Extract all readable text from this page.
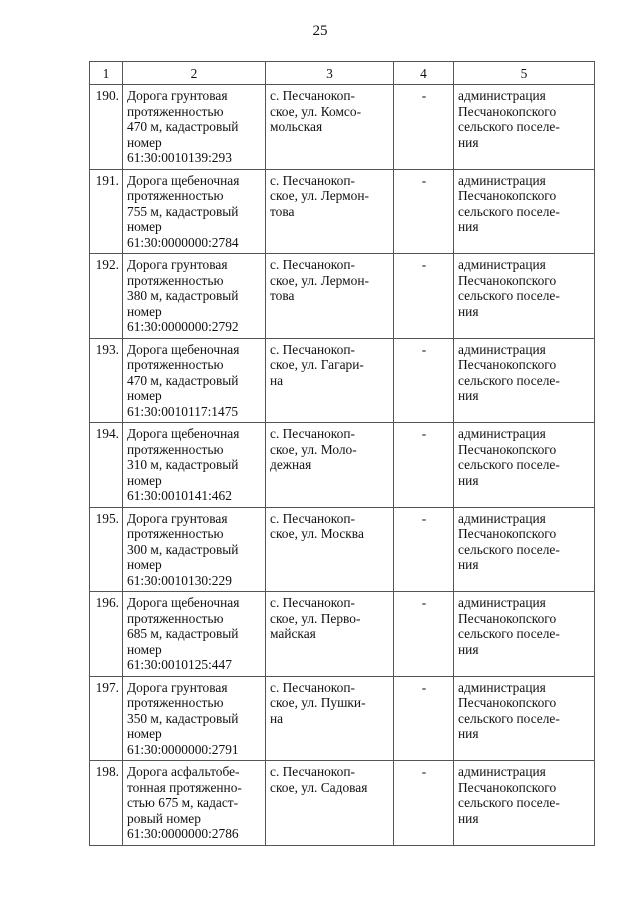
25
1	2	3	4	5
190.	Дорога грунтовая
протяженностью
470 м, кадастровый
номер
61:30:0010139:293	с. Песчанокоп-
ское, ул. Комсо-
мольская	-	администрация
Песчанокопского
сельского поселе-
ния

191.	Дорога щебеночная
протяженностью
755 м, кадастровый
номер
61:30:0000000:2784	с. Песчанокоп-
ское, ул. Лермон-
това	-	администрация
Песчанокопского
сельского поселе-
ния

192.	Дорога грунтовая
протяженностью
380 м, кадастровый
номер
61:30:0000000:2792	с. Песчанокоп-
ское, ул. Лермон-
това	-	администрация
Песчанокопского
сельского поселе-
ния

193.	Дорога щебеночная
протяженностью
470 м, кадастровый
номер
61:30:0010117:1475	с. Песчанокоп-
ское, ул. Гагари-
на	-	администрация
Песчанокопского
сельского поселе-
ния

194.	Дорога щебеночная
протяженностью
310 м, кадастровый
номер
61:30:0010141:462	с. Песчанокоп-
ское, ул. Моло-
дежная	-	администрация
Песчанокопского
сельского поселе-
ния

195.	Дорога грунтовая
протяженностью
300 м, кадастровый
номер
61:30:0010130:229	с. Песчанокоп-
ское, ул. Москва	-	администрация
Песчанокопского
сельского поселе-
ния

196.	Дорога щебеночная
протяженностью
685 м, кадастровый
номер
61:30:0010125:447	с. Песчанокоп-
ское, ул. Перво-
майская	-	администрация
Песчанокопского
сельского поселе-
ния

197.	Дорога грунтовая
протяженностью
350 м, кадастровый
номер
61:30:0000000:2791	с. Песчанокоп-
ское, ул. Пушки-
на	-	администрация
Песчанокопского
сельского поселе-
ния

198.	Дорога асфальтобе-
тонная протяженно-
стью 675 м, кадаст-
ровый номер
61:30:0000000:2786	с. Песчанокоп-
ское, ул. Садовая	-	администрация
Песчанокопского
сельского поселе-
ния
